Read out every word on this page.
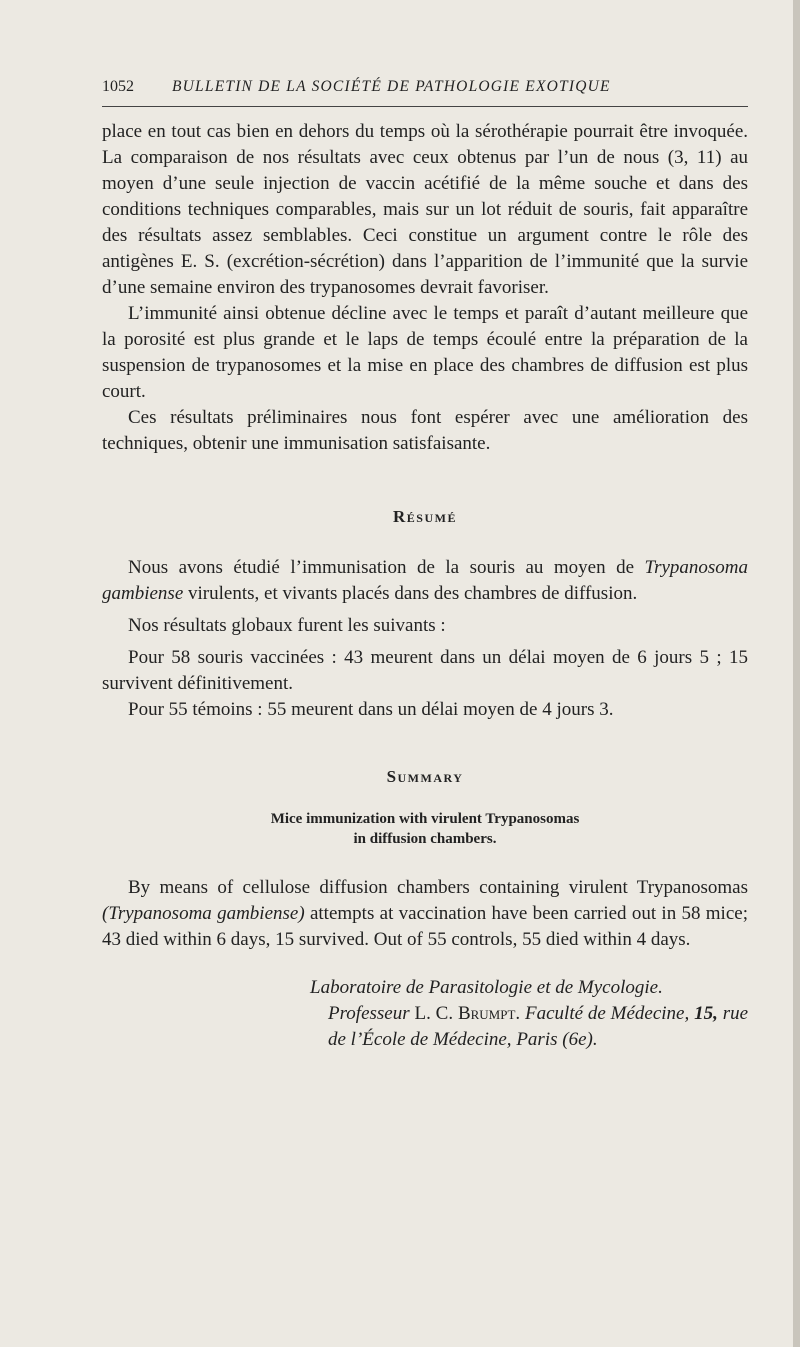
1052	BULLETIN DE LA SOCIÉTÉ DE PATHOLOGIE EXOTIQUE

place en tout cas bien en dehors du temps où la sérothérapie pourrait être invoquée. La comparaison de nos résultats avec ceux obtenus par l’un de nous (3, 11) au moyen d’une seule injection de vaccin acétifié de la même souche et dans des conditions techniques comparables, mais sur un lot réduit de souris, fait apparaître des résultats assez semblables. Ceci constitue un argument contre le rôle des antigènes E. S. (excrétion-sécrétion) dans l’apparition de l’immunité que la survie d’une semaine environ des trypanosomes devrait favoriser.

L’immunité ainsi obtenue décline avec le temps et paraît d’autant meilleure que la porosité est plus grande et le laps de temps écoulé entre la préparation de la suspension de trypanosomes et la mise en place des chambres de diffusion est plus court.

Ces résultats préliminaires nous font espérer avec une amélioration des techniques, obtenir une immunisation satisfaisante.

Résumé

Nous avons étudié l’immunisation de la souris au moyen de Trypanosoma gambiense virulents, et vivants placés dans des chambres de diffusion.

Nos résultats globaux furent les suivants :

Pour 58 souris vaccinées : 43 meurent dans un délai moyen de 6 jours 5 ; 15 survivent définitivement.

Pour 55 témoins : 55 meurent dans un délai moyen de 4 jours 3.

Summary

Mice immunization with virulent Trypanosomas

in diffusion chambers.

By means of cellulose diffusion chambers containing virulent Trypanosomas (Trypanosoma gambiense) attempts at vaccination have been carried out in 58 mice; 43 died within 6 days, 15 survived. Out of 55 controls, 55 died within 4 days.

Laboratoire de Parasitologie et de Mycologie.
Professeur L. C. Brumpt. Faculté de Médecine, 15, rue de l’École de Médecine, Paris (6e).
